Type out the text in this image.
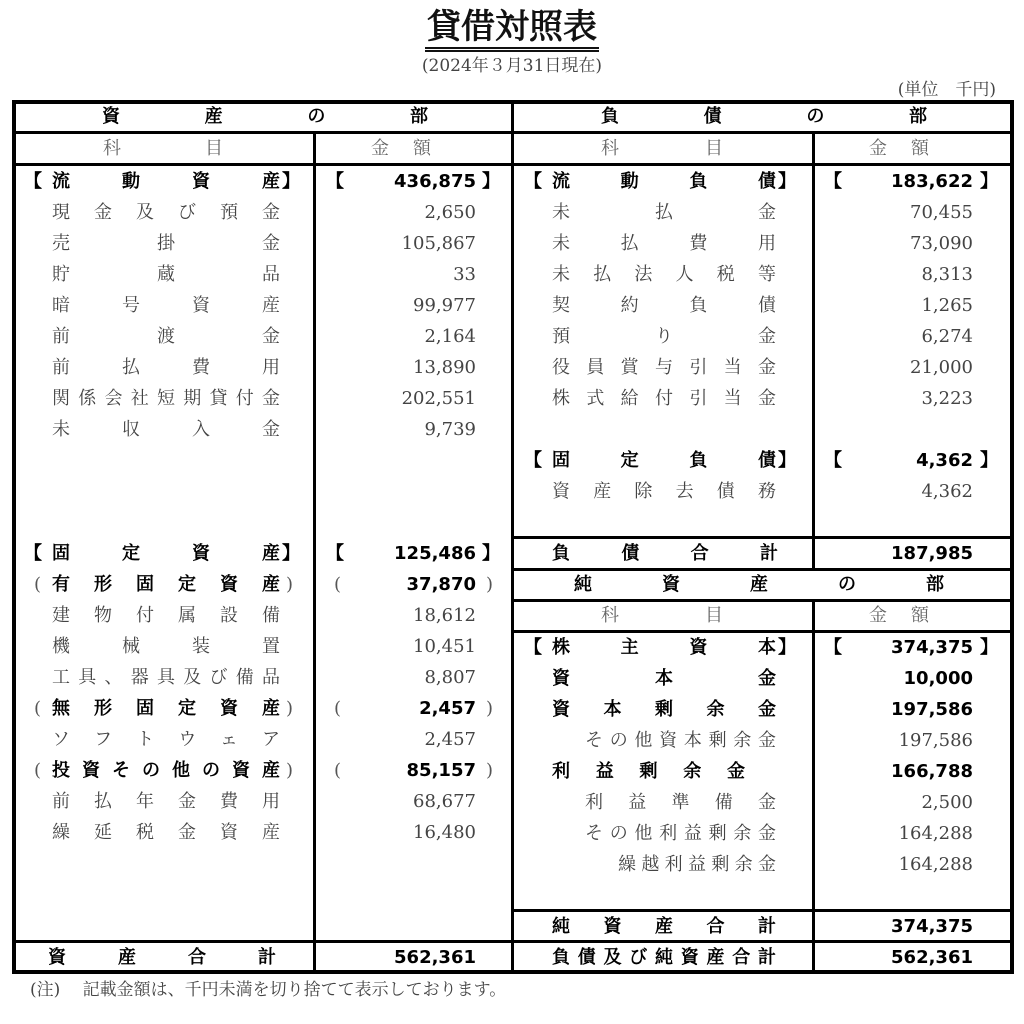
貸借対照表
(2024年３月31日現在)
(単位　千円)
資産の部	負債の部
科目	金額	科目	金額
【 流動資産 】 【	436,875 】
現金及び預金	2,650
売掛金	105,867
貯蔵品	33
暗号資産	99,977
前渡金	2,164
前払費用	13,890
関係会社短期貸付金	202,551
未収入金	9,739
【 固定資産 】 【	125,486 】
( 有形固定資産 ) (	37,870 )
建物付属設備	18,612
機械装置	10,451
工具、器具及び備品	8,807
( 無形固定資産 ) (	2,457 )
ソフトウェア	2,457
( 投資その他の資産 ) (	85,157 )
前払年金費用	68,677
繰延税金資産	16,480
資産合計	562,361
【 流動負債 】 【	183,622 】
未払金	70,455
未払費用	73,090
未払法人税等	8,313
契約負債	1,265
預り金	6,274
役員賞与引当金	21,000
株式給付引当金	3,223
【 固定負債 】 【	4,362 】
資産除去債務	4,362
負債合計	187,985
純資産の部
科目	金額
【 株主資本 】 【	374,375 】
資本金	10,000
資本剰余金	197,586
その他資本剰余金	197,586
利益剰余金	166,788
利益準備金	2,500
その他利益剰余金	164,288
繰越利益剰余金	164,288
純資産合計	374,375
負債及び純資産合計	562,361
(注)　 記載金額は、千円未満を切り捨てて表示しております。
